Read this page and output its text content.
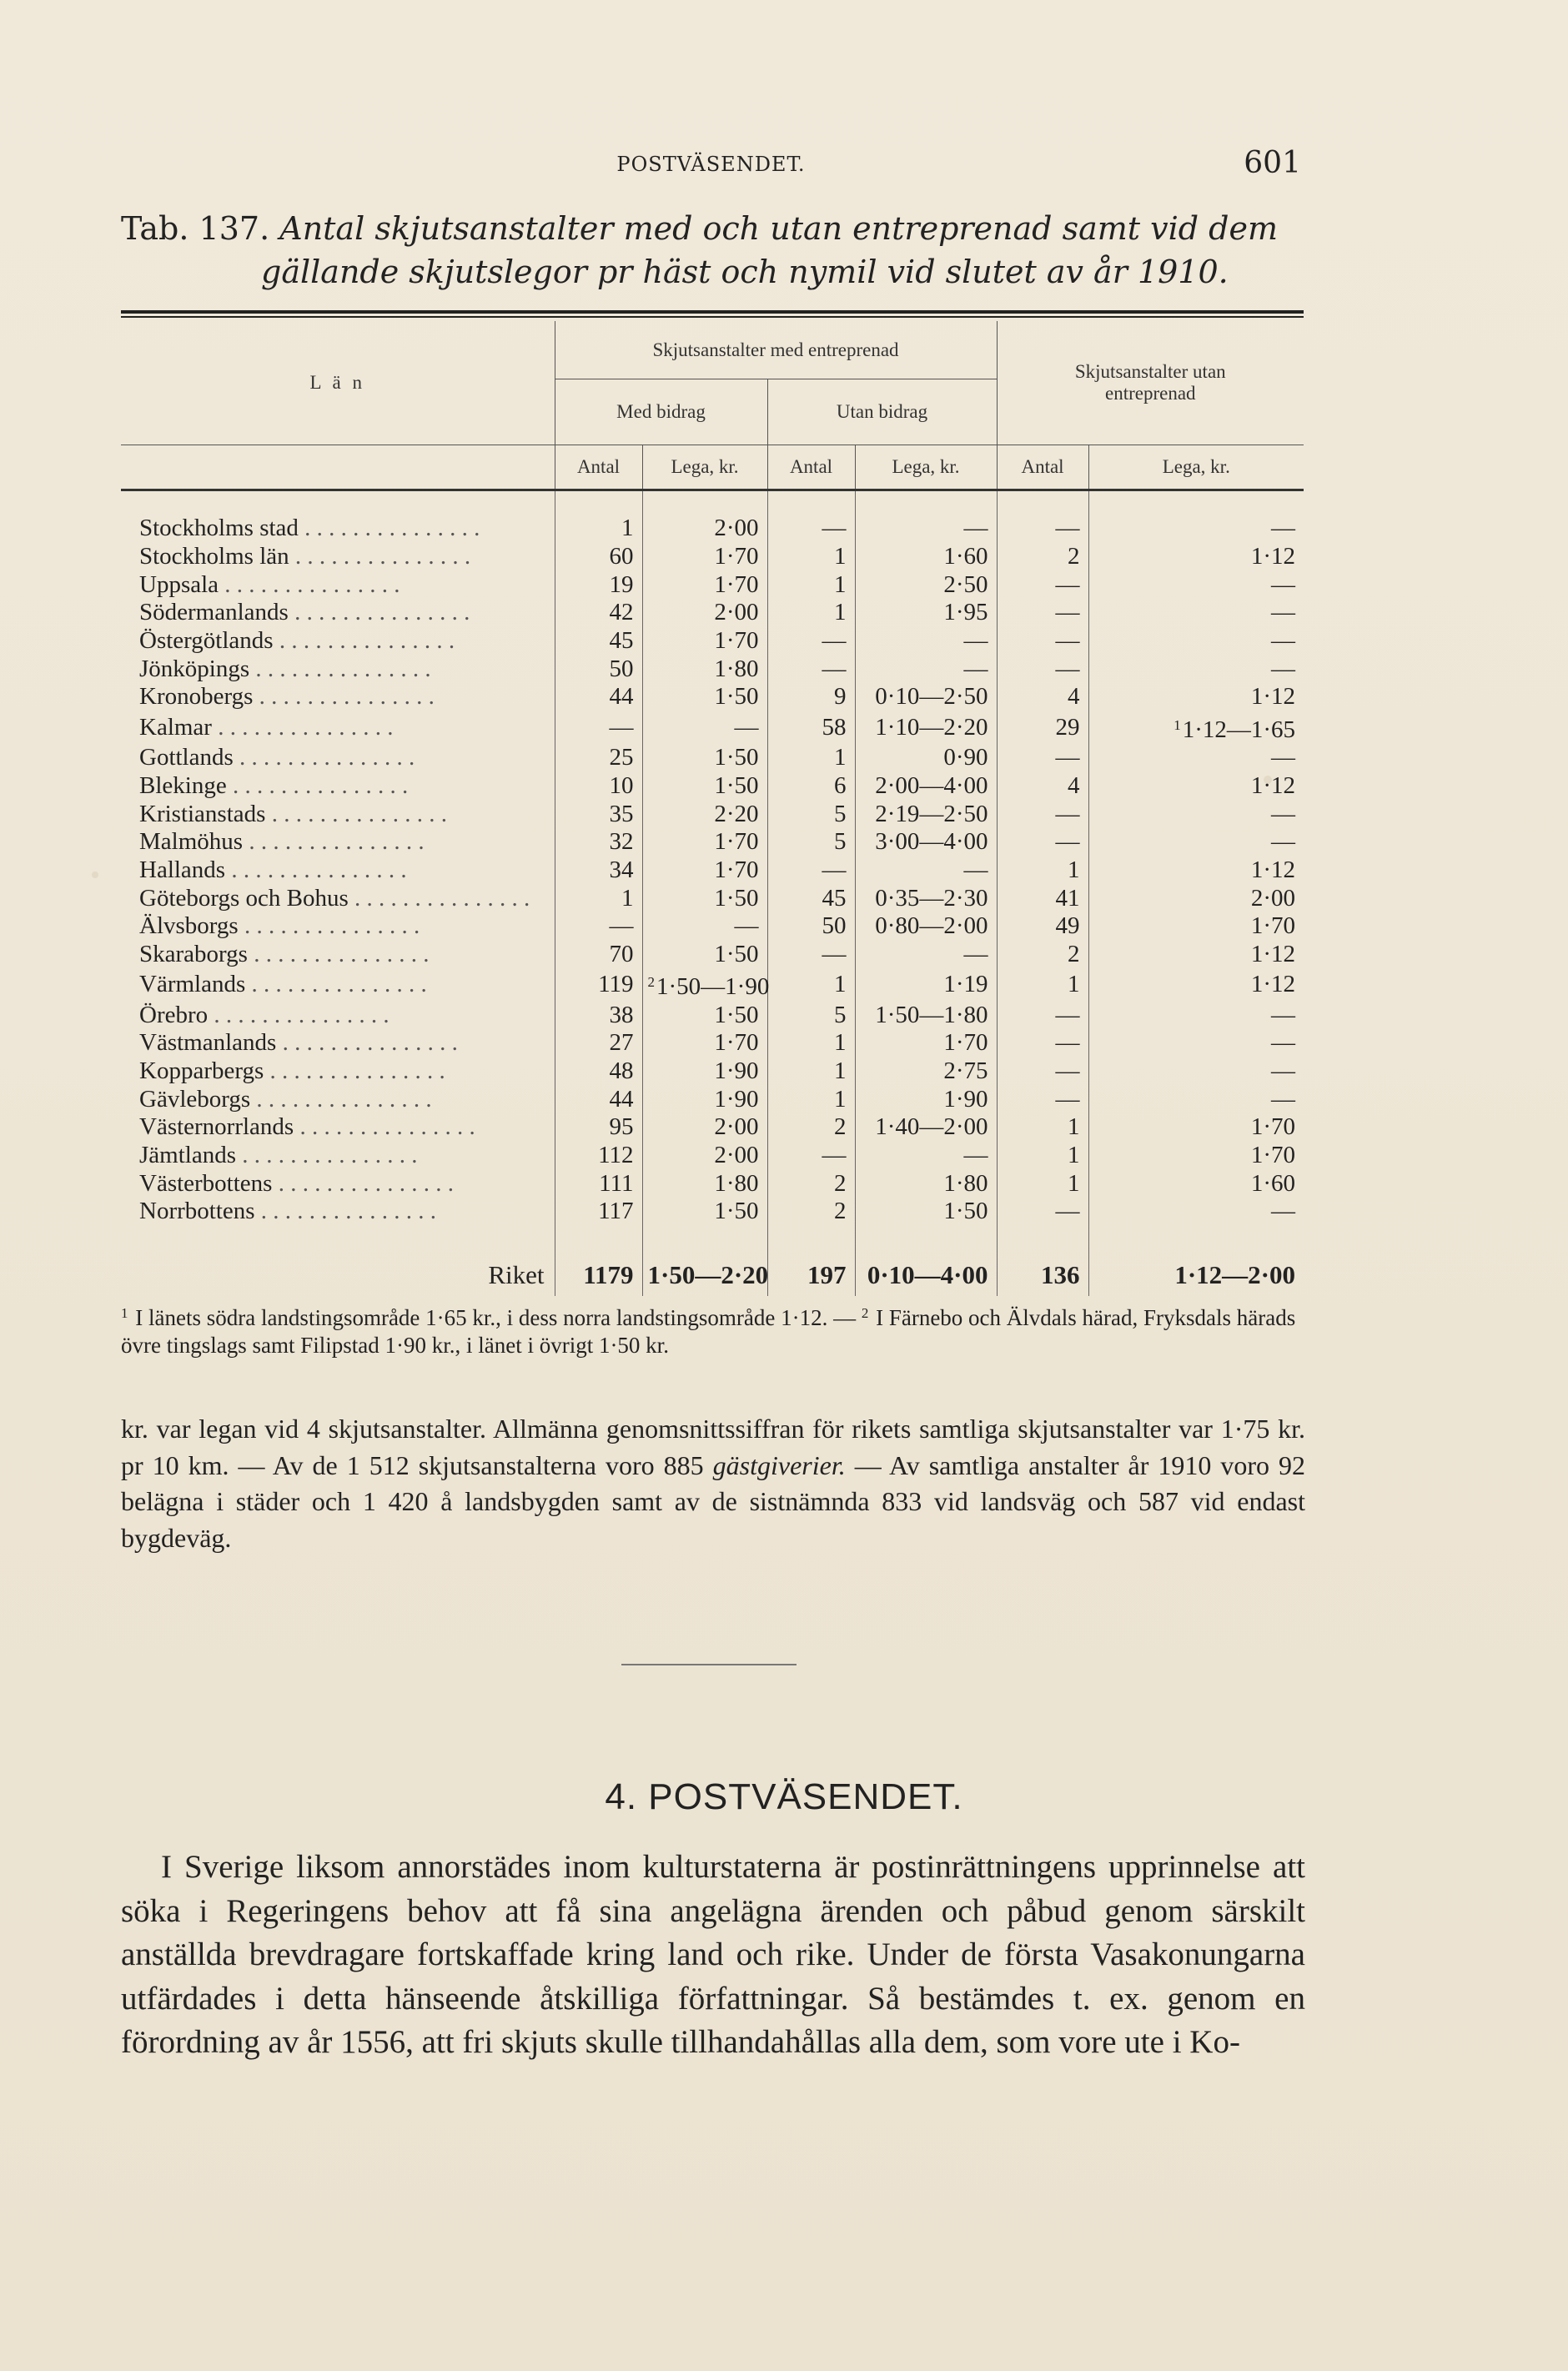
POSTVÄSENDET.	601
Tab. 137. Antal skjutsanstalter med och utan entreprenad samt vid dem
gällande skjutslegor pr häst och nymil vid slutet av år 1910.
L ä n	Skjutsanstalter med entreprenad				Skjutsanstalter utan entreprenad	
	Med bidrag		Utan bidrag			
	Antal	Lega, kr.	Antal	Lega, kr.	Antal	Lega, kr.

Stockholms stad . . . . . . . . . . . . . . .	1	2·00	—	—	—	—
Stockholms län . . . . . . . . . . . . . . .	60	1·70	1	1·60	2	1·12
Uppsala . . . . . . . . . . . . . . .	19	1·70	1	2·50	—	—
Södermanlands . . . . . . . . . . . . . . .	42	2·00	1	1·95	—	—
Östergötlands . . . . . . . . . . . . . . .	45	1·70	—	—	—	—
Jönköpings . . . . . . . . . . . . . . .	50	1·80	—	—	—	—
Kronobergs . . . . . . . . . . . . . . .	44	1·50	9	0·10—2·50	4	1·12
Kalmar . . . . . . . . . . . . . . .	—	—	58	1·10—2·20	29	$^1$1·12—1·65
Gottlands . . . . . . . . . . . . . . .	25	1·50	1	0·90	—	—
Blekinge . . . . . . . . . . . . . . .	10	1·50	6	2·00—4·00	4	1·12
Kristianstads . . . . . . . . . . . . . . .	35	2·20	5	2·19—2·50	—	—
Malmöhus . . . . . . . . . . . . . . .	32	1·70	5	3·00—4·00	—	—
Hallands . . . . . . . . . . . . . . .	34	1·70	—	—	1	1·12
Göteborgs och Bohus . . . . . . . . . . . . . . .	1	1·50	45	0·35—2·30	41	2·00
Älvsborgs . . . . . . . . . . . . . . .	—	—	50	0·80—2·00	49	1·70
Skaraborgs . . . . . . . . . . . . . . .	70	1·50	—	—	2	1·12
Värmlands . . . . . . . . . . . . . . .	119	$^2$1·50—1·90	1	1·19	1	1·12
Örebro . . . . . . . . . . . . . . .	38	1·50	5	1·50—1·80	—	—
Västmanlands . . . . . . . . . . . . . . .	27	1·70	1	1·70	—	—
Kopparbergs . . . . . . . . . . . . . . .	48	1·90	1	2·75	—	—
Gävleborgs . . . . . . . . . . . . . . .	44	1·90	1	1·90	—	—
Västernorrlands . . . . . . . . . . . . . . .	95	2·00	2	1·40—2·00	1	1·70
Jämtlands . . . . . . . . . . . . . . .	112	2·00	—	—	1	1·70
Västerbottens . . . . . . . . . . . . . . .	111	1·80	2	1·80	1	1·60
Norrbottens . . . . . . . . . . . . . . .	117	1·50	2	1·50	—	—

Riket	1179	1·50—2·20	197	0·10—4·00	136	1·12—2·00
$^1$ I länets södra landstingsområde 1·65 kr., i dess norra landstingsområde 1·12. — $^2$ I Färnebo och Älvdals härad, Fryksdals härads övre tingslags samt Filipstad 1·90 kr., i länet i övrigt 1·50 kr.
kr. var legan vid 4 skjutsanstalter. Allmänna genomsnittssiffran för rikets samtliga skjutsanstalter var 1·75 kr. pr 10 km. — Av de 1 512 skjutsanstalterna voro 885 gästgiverier. — Av samtliga anstalter år 1910 voro 92 belägna i städer och 1 420 å landsbygden samt av de sistnämnda 833 vid landsväg och 587 vid endast bygdeväg.
4. POSTVÄSENDET.
I Sverige liksom annorstädes inom kulturstaterna är postinrättningens upprinnelse att söka i Regeringens behov att få sina angelägna ärenden och påbud genom särskilt anställda brevdragare fortskaffade kring land och rike. Under de första Vasakonungarna utfärdades i detta hänseende åtskilliga författningar. Så bestämdes t. ex. genom en förordning av år 1556, att fri skjuts skulle tillhandahållas alla dem, som vore ute i Ko-
